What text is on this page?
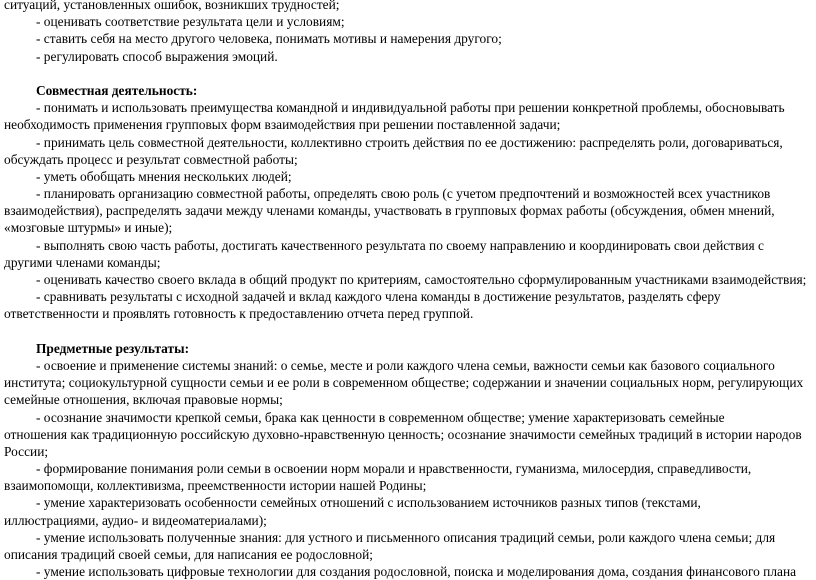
ситуаций, установленных ошибок, возникших трудностей;
- оценивать соответствие результата цели и условиям;
- ставить себя на место другого человека, понимать мотивы и намерения другого;
- регулировать способ выражения эмоций.
Совместная деятельность:
- понимать и использовать преимущества командной и индивидуальной работы при решении конкретной проблемы, обосновывать
необходимость применения групповых форм взаимодействия при решении поставленной задачи;
- принимать цель совместной деятельности, коллективно строить действия по ее достижению: распределять роли, договариваться,
обсуждать процесс и результат совместной работы;
- уметь обобщать мнения нескольких людей;
- планировать организацию совместной работы, определять свою роль (с учетом предпочтений и возможностей всех участников
взаимодействия), распределять задачи между членами команды, участвовать в групповых формах работы (обсуждения, обмен мнений,
«мозговые штурмы» и иные);
- выполнять свою часть работы, достигать качественного результата по своему направлению и координировать свои действия с
другими членами команды;
- оценивать качество своего вклада в общий продукт по критериям, самостоятельно сформулированным участниками взаимодействия;
- сравнивать результаты с исходной задачей и вклад каждого члена команды в достижение результатов, разделять сферу
ответственности и проявлять готовность к предоставлению отчета перед группой.
Предметные результаты:
- освоение и применение системы знаний: о семье, месте и роли каждого члена семьи, важности семьи как базового социального
института; социокультурной сущности семьи и ее роли в современном обществе; содержании и значении социальных норм, регулирующих
семейные отношения, включая правовые нормы;
- осознание значимости крепкой семьи, брака как ценности в современном обществе; умение характеризовать семейные
отношения как традиционную российскую духовно-нравственную ценность; осознание значимости семейных традиций в истории народов
России;
- формирование понимания роли семьи в освоении норм морали и нравственности, гуманизма, милосердия, справедливости,
взаимопомощи, коллективизма, преемственности истории нашей Родины;
- умение характеризовать особенности семейных отношений с использованием источников разных типов (текстами,
иллюстрациями, аудио- и видеоматериалами);
- умение использовать полученные знания: для устного и письменного описания традиций семьи, роли каждого члена семьи; для
описания традиций своей семьи, для написания ее родословной;
- умение использовать цифровые технологии для создания родословной, поиска и моделирования дома, создания финансового плана
